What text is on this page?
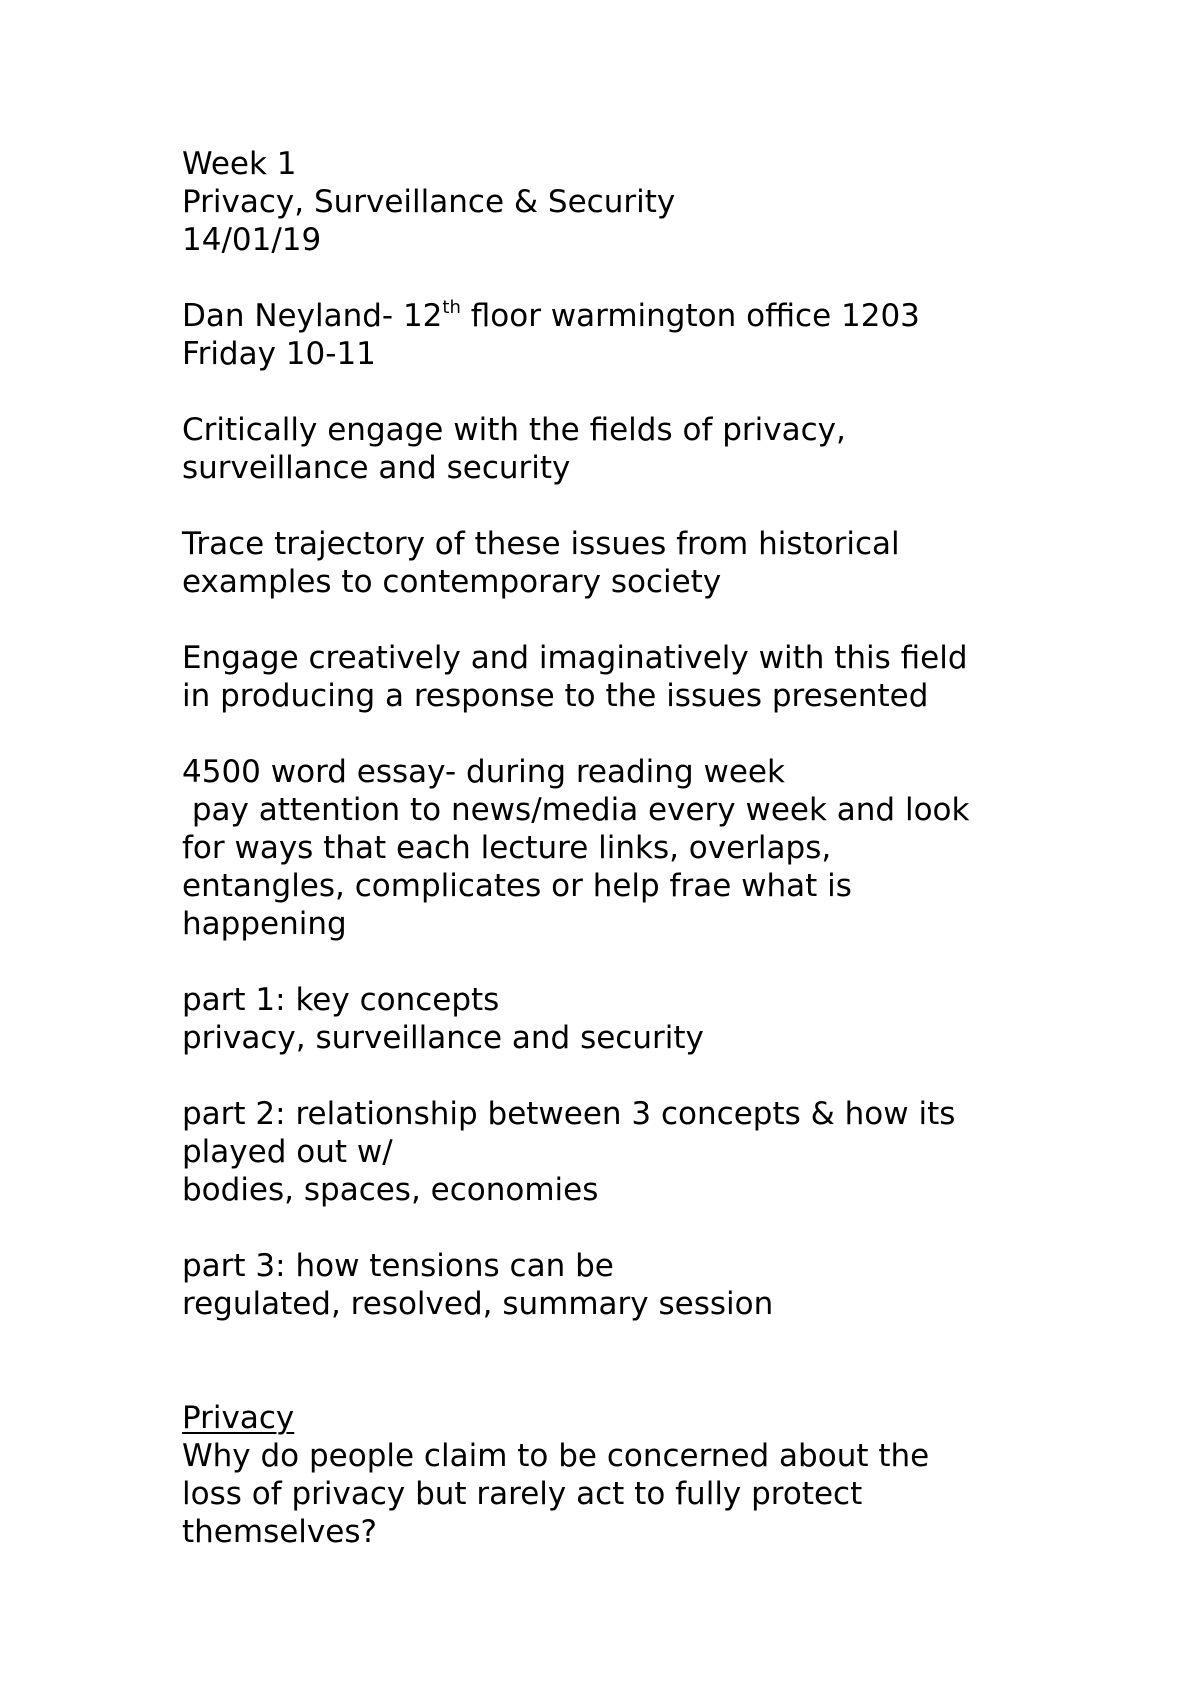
Week 1
Privacy, Surveillance & Security
14/01/19
Dan Neyland- 12th floor warmington office 1203
Friday 10-11
Critically engage with the fields of privacy,
surveillance and security
Trace trajectory of these issues from historical
examples to contemporary society
Engage creatively and imaginatively with this field
in producing a response to the issues presented
4500 word essay- during reading week
pay attention to news/media every week and look
for ways that each lecture links, overlaps,
entangles, complicates or help frae what is
happening
part 1: key concepts
privacy, surveillance and security
part 2: relationship between 3 concepts & how its
played out w/
bodies, spaces, economies
part 3: how tensions can be
regulated, resolved, summary session
Privacy
Why do people claim to be concerned about the
loss of privacy but rarely act to fully protect
themselves?
